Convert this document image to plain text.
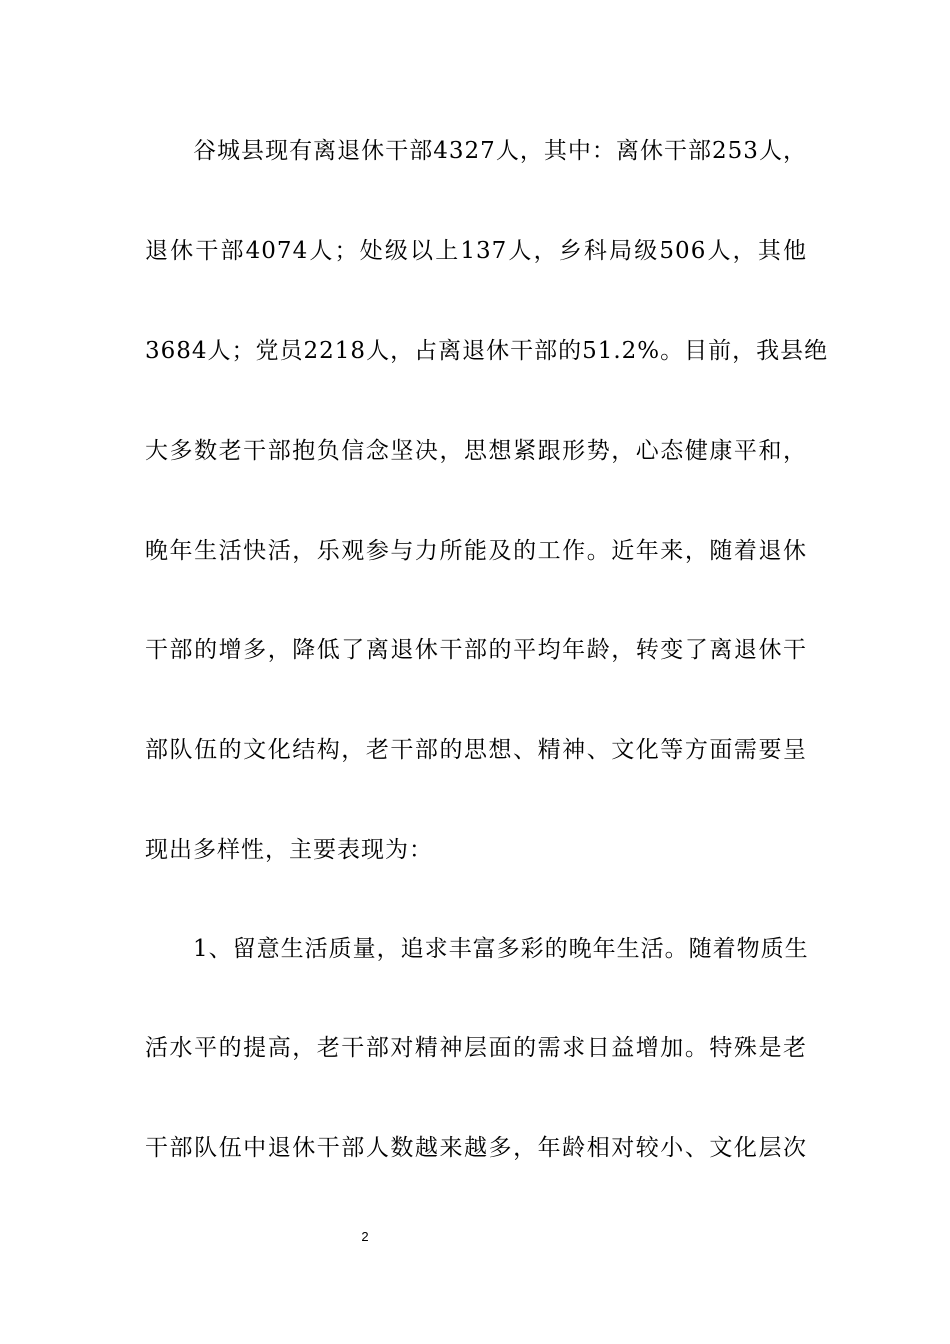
谷城县现有离退休干部4327人，其中：离休干部253人，
退休干部4074人；处级以上137人，乡科局级506人，其他
3684人；党员2218人，占离退休干部的51.2%。目前，我县绝
大多数老干部抱负信念坚决，思想紧跟形势，心态健康平和，
晚年生活快活，乐观参与力所能及的工作。近年来，随着退休
干部的增多，降低了离退休干部的平均年龄，转变了离退休干
部队伍的文化结构，老干部的思想、精神、文化等方面需要呈
现出多样性，主要表现为：
1、留意生活质量，追求丰富多彩的晚年生活。随着物质生
活水平的提高，老干部对精神层面的需求日益增加。特殊是老
干部队伍中退休干部人数越来越多，年龄相对较小、文化层次
2
